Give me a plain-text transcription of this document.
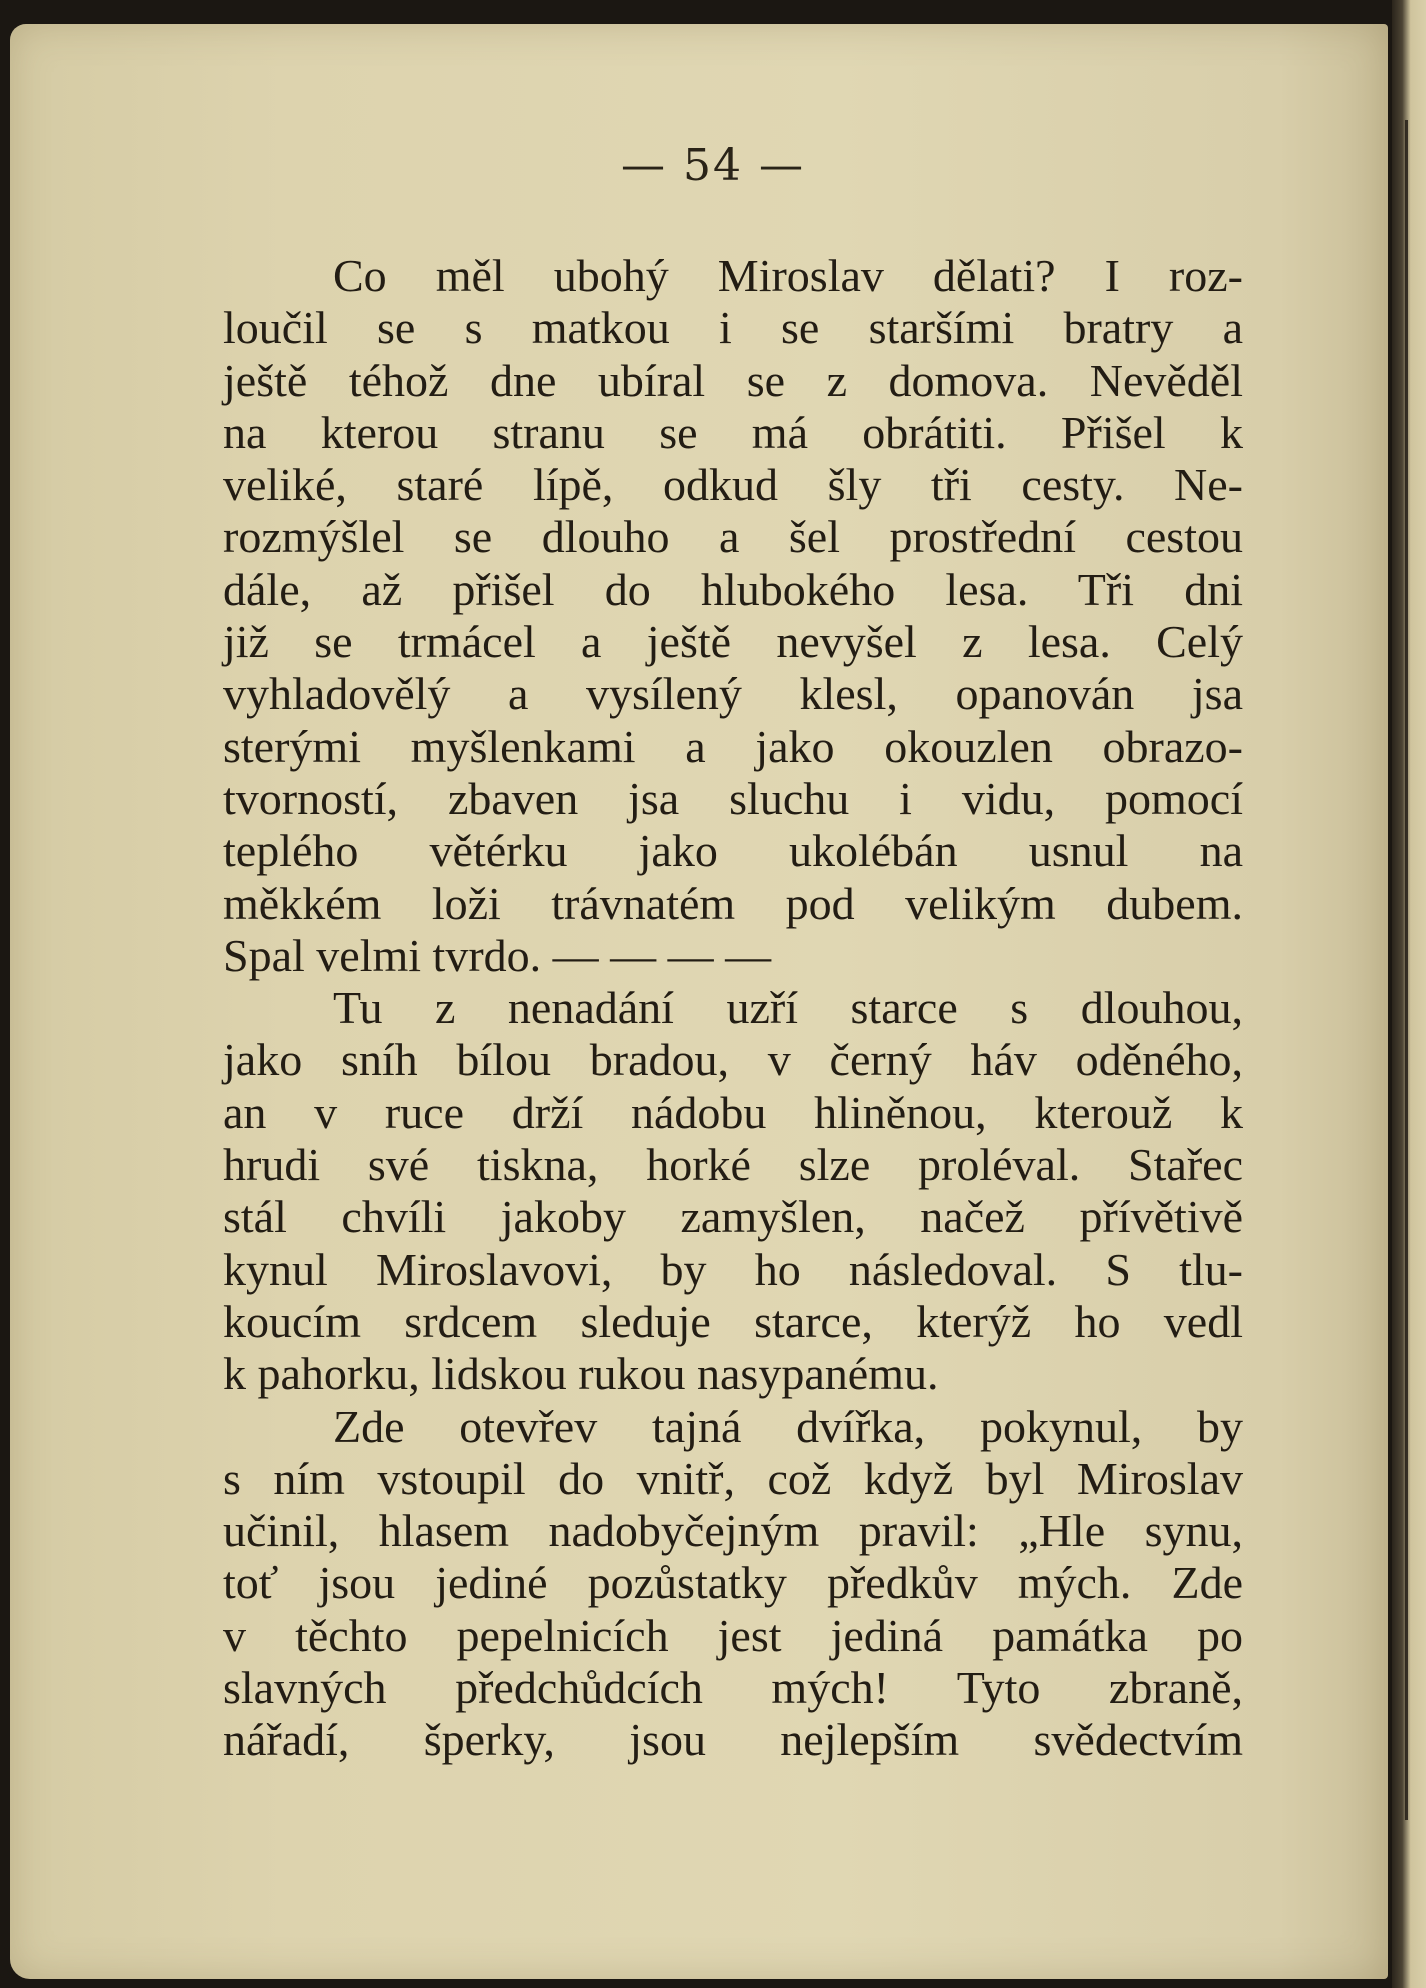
— 54 —
Co měl ubohý Miroslav dělati? I roz-
loučil se s matkou i se staršími bratry a
ještě téhož dne ubíral se z domova. Nevěděl
na kterou stranu se má obrátiti. Přišel k
veliké, staré lípě, odkud šly tři cesty. Ne-
rozmýšlel se dlouho a šel prostřední cestou
dále, až přišel do hlubokého lesa. Tři dni
již se trmácel a ještě nevyšel z lesa. Celý
vyhladovělý a vysílený klesl, opanován jsa
sterými myšlenkami a jako okouzlen obrazo-
tvorností, zbaven jsa sluchu i vidu, pomocí
teplého větérku jako ukolébán usnul na
měkkém loži trávnatém pod velikým dubem.
Spal velmi tvrdo. — — — —
Tu z nenadání uzří starce s dlouhou,
jako sníh bílou bradou, v černý háv oděného,
an v ruce drží nádobu hliněnou, kterouž k
hrudi své tiskna, horké slze proléval. Stařec
stál chvíli jakoby zamyšlen, načež přívětivě
kynul Miroslavovi, by ho následoval. S tlu-
koucím srdcem sleduje starce, kterýž ho vedl
k pahorku, lidskou rukou nasypanému.
Zde otevřev tajná dvířka, pokynul, by
s ním vstoupil do vnitř, což když byl Miroslav
učinil, hlasem nadobyčejným pravil: „Hle synu,
toť jsou jediné pozůstatky předkův mých. Zde
v těchto pepelnicích jest jediná památka po
slavných předchůdcích mých! Tyto zbraně,
nářadí, šperky, jsou nejlepším svědectvím
